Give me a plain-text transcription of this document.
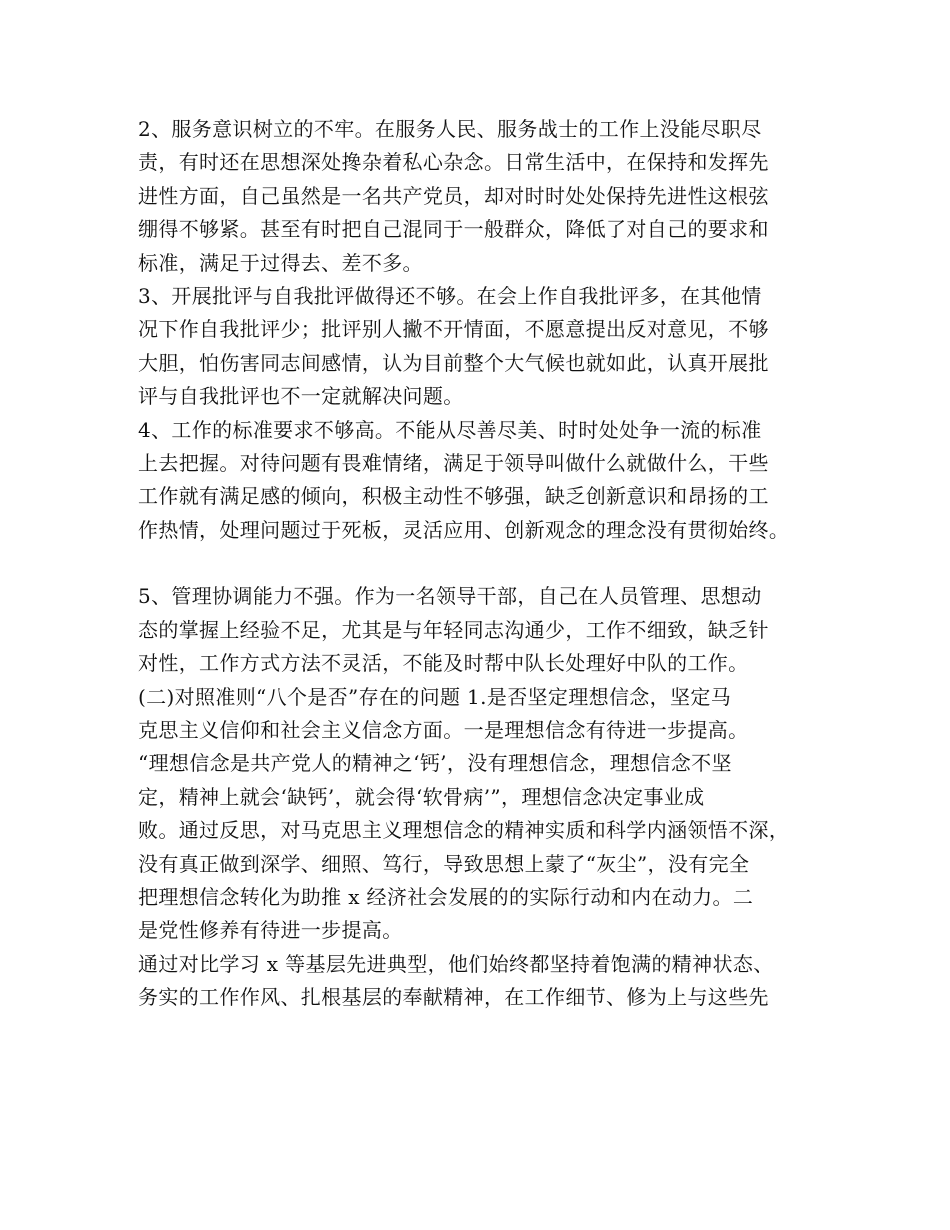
2、服务意识树立的不牢。在服务人民、服务战士的工作上没能尽职尽
责，有时还在思想深处搀杂着私心杂念。日常生活中，在保持和发挥先
进性方面，自己虽然是一名共产党员，却对时时处处保持先进性这根弦
绷得不够紧。甚至有时把自己混同于一般群众，降低了对自己的要求和
标准，满足于过得去、差不多。
3、开展批评与自我批评做得还不够。在会上作自我批评多，在其他情
况下作自我批评少；批评别人撇不开情面，不愿意提出反对意见，不够
大胆，怕伤害同志间感情，认为目前整个大气候也就如此，认真开展批
评与自我批评也不一定就解决问题。
4、工作的标准要求不够高。不能从尽善尽美、时时处处争一流的标准
上去把握。对待问题有畏难情绪，满足于领导叫做什么就做什么，干些
工作就有满足感的倾向，积极主动性不够强，缺乏创新意识和昂扬的工
作热情，处理问题过于死板，灵活应用、创新观念的理念没有贯彻始终。
5、管理协调能力不强。作为一名领导干部，自己在人员管理、思想动
态的掌握上经验不足，尤其是与年轻同志沟通少，工作不细致，缺乏针
对性，工作方式方法不灵活，不能及时帮中队长处理好中队的工作。
(二)对照准则“八个是否”存在的问题 1.是否坚定理想信念，坚定马
克思主义信仰和社会主义信念方面。一是理想信念有待进一步提高。
“理想信念是共产党人的精神之‘钙’，没有理想信念，理想信念不坚
定，精神上就会‘缺钙’，就会得‘软骨病’”，理想信念决定事业成
败。通过反思，对马克思主义理想信念的精神实质和科学内涵领悟不深，
没有真正做到深学、细照、笃行，导致思想上蒙了“灰尘”，没有完全
把理想信念转化为助推 x 经济社会发展的的实际行动和内在动力。二
是党性修养有待进一步提高。
通过对比学习 x 等基层先进典型，他们始终都坚持着饱满的精神状态、
务实的工作作风、扎根基层的奉献精神，在工作细节、修为上与这些先
